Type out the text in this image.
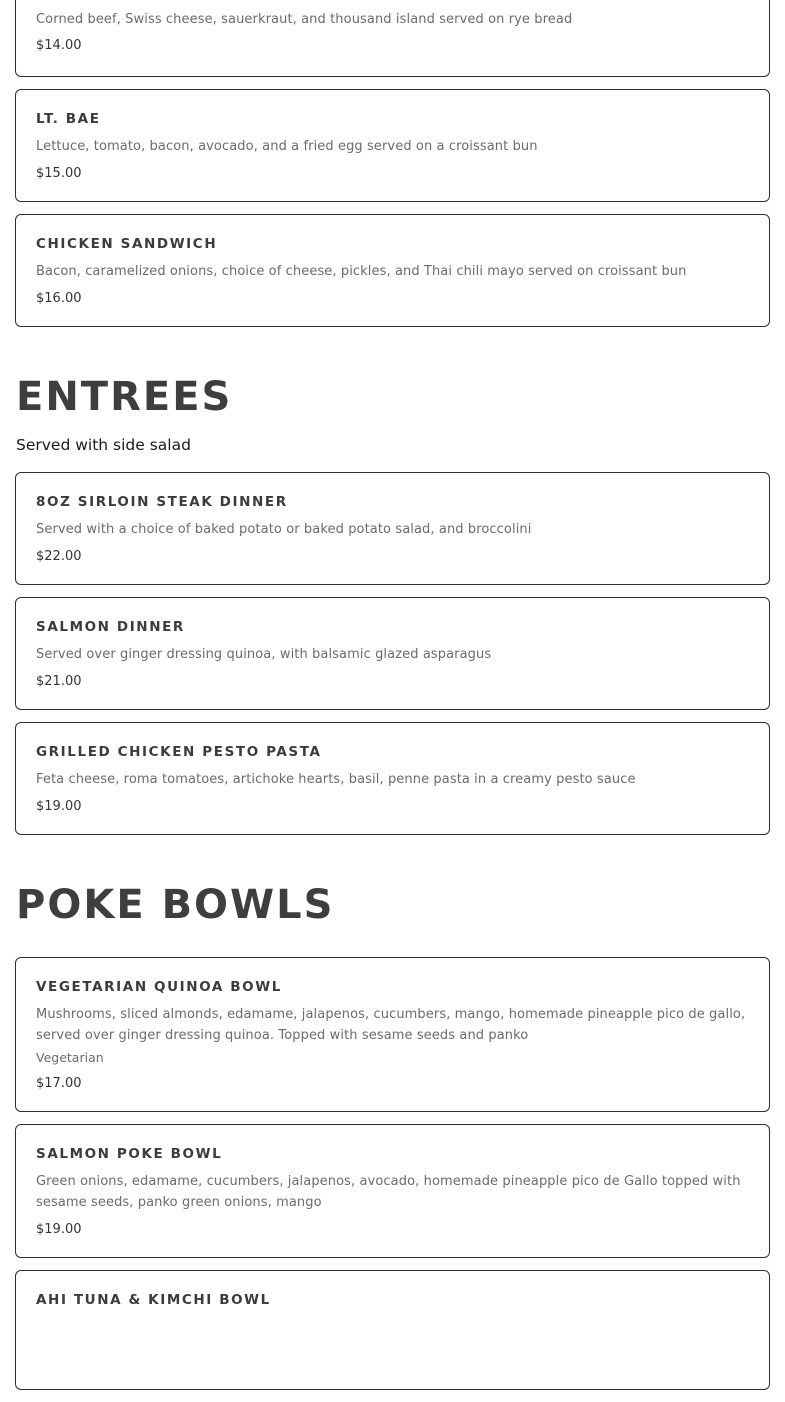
Corned beef, Swiss cheese, sauerkraut, and thousand island served on rye bread

$14.00

LT. BAE

Lettuce, tomato, bacon, avocado, and a fried egg served on a croissant bun

$15.00

CHICKEN SANDWICH

Bacon, caramelized onions, choice of cheese, pickles, and Thai chili mayo served on croissant bun

$16.00

ENTREES

Served with side salad

8OZ SIRLOIN STEAK DINNER

Served with a choice of baked potato or baked potato salad, and broccolini

$22.00

SALMON DINNER

Served over ginger dressing quinoa, with balsamic glazed asparagus

$21.00

GRILLED CHICKEN PESTO PASTA

Feta cheese, roma tomatoes, artichoke hearts, basil, penne pasta in a creamy pesto sauce

$19.00

POKE BOWLS

VEGETARIAN QUINOA BOWL

Mushrooms, sliced almonds, edamame, jalapenos, cucumbers, mango, homemade pineapple pico de gallo, served over ginger dressing quinoa. Topped with sesame seeds and panko

Vegetarian

$17.00

SALMON POKE BOWL

Green onions, edamame, cucumbers, jalapenos, avocado, homemade pineapple pico de Gallo topped with sesame seeds, panko green onions, mango

$19.00

AHI TUNA & KIMCHI BOWL
